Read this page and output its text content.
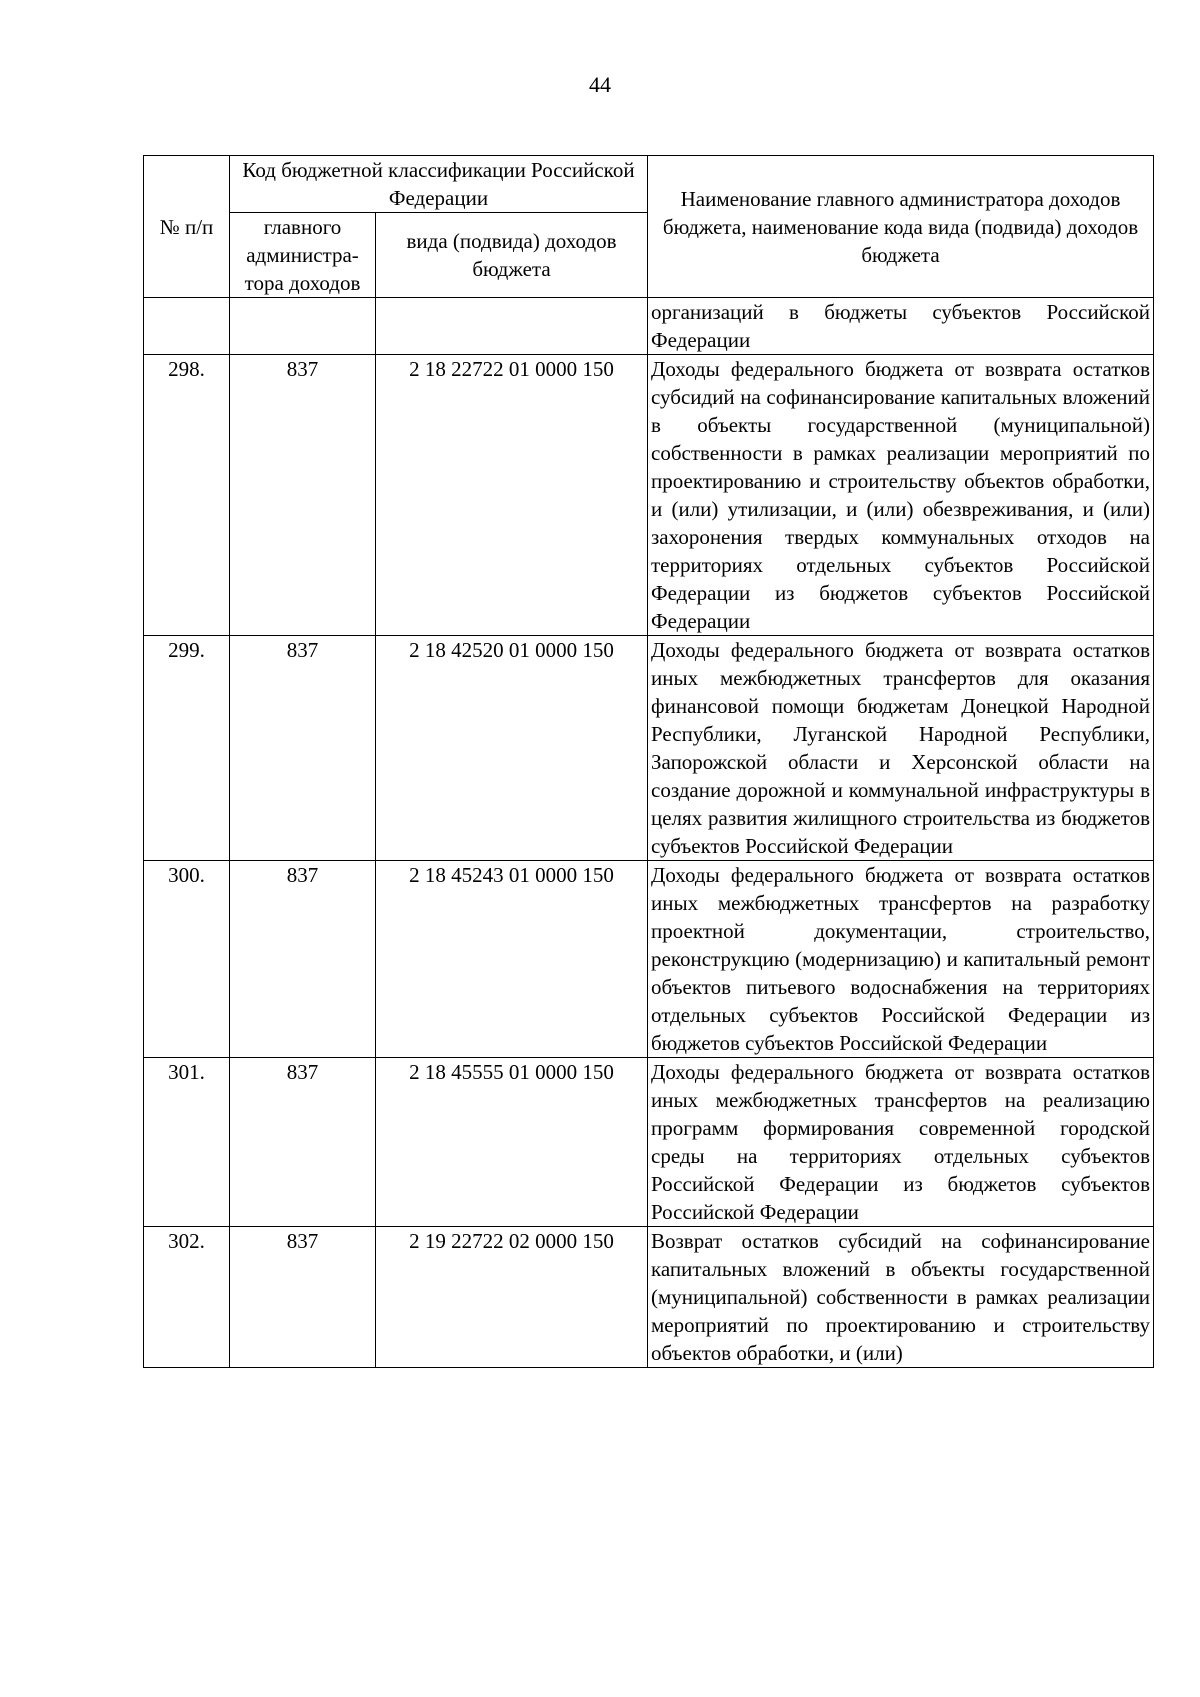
44
№ п/п	Код бюджетной классификации Российской Федерации		Наименование главного администратора доходов бюджета, наименование кода вида (подвида) доходов бюджета
	главного администра-тора доходов	вида (подвида) доходов бюджета	
			организаций в бюджеты субъектов Российской Федерации
298.	837	2 18 22722 01 0000 150	Доходы федерального бюджета от возврата остатков субсидий на софинансирование капитальных вложений в объекты государственной (муниципальной) собственности в рамках реализации мероприятий по проектированию и строительству объектов обработки, и (или) утилизации, и (или) обезвреживания, и (или) захоронения твердых коммунальных отходов на территориях отдельных субъектов Российской Федерации из бюджетов субъектов Российской Федерации
299.	837	2 18 42520 01 0000 150	Доходы федерального бюджета от возврата остатков иных межбюджетных трансфертов для оказания финансовой помощи бюджетам Донецкой Народной Республики, Луганской Народной Республики, Запорожской области и Херсонской области на создание дорожной и коммунальной инфраструктуры в целях развития жилищного строительства из бюджетов субъектов Российской Федерации
300.	837	2 18 45243 01 0000 150	Доходы федерального бюджета от возврата остатков иных межбюджетных трансфертов на разработку проектной документации, строительство, реконструкцию (модернизацию) и капитальный ремонт объектов питьевого водоснабжения на территориях отдельных субъектов Российской Федерации из бюджетов субъектов Российской Федерации
301.	837	2 18 45555 01 0000 150	Доходы федерального бюджета от возврата остатков иных межбюджетных трансфертов на реализацию программ формирования современной городской среды на территориях отдельных субъектов Российской Федерации из бюджетов субъектов Российской Федерации
302.	837	2 19 22722 02 0000 150	Возврат остатков субсидий на софинансирование капитальных вложений в объекты государственной (муниципальной) собственности в рамках реализации мероприятий по проектированию и строительству объектов обработки, и (или)
